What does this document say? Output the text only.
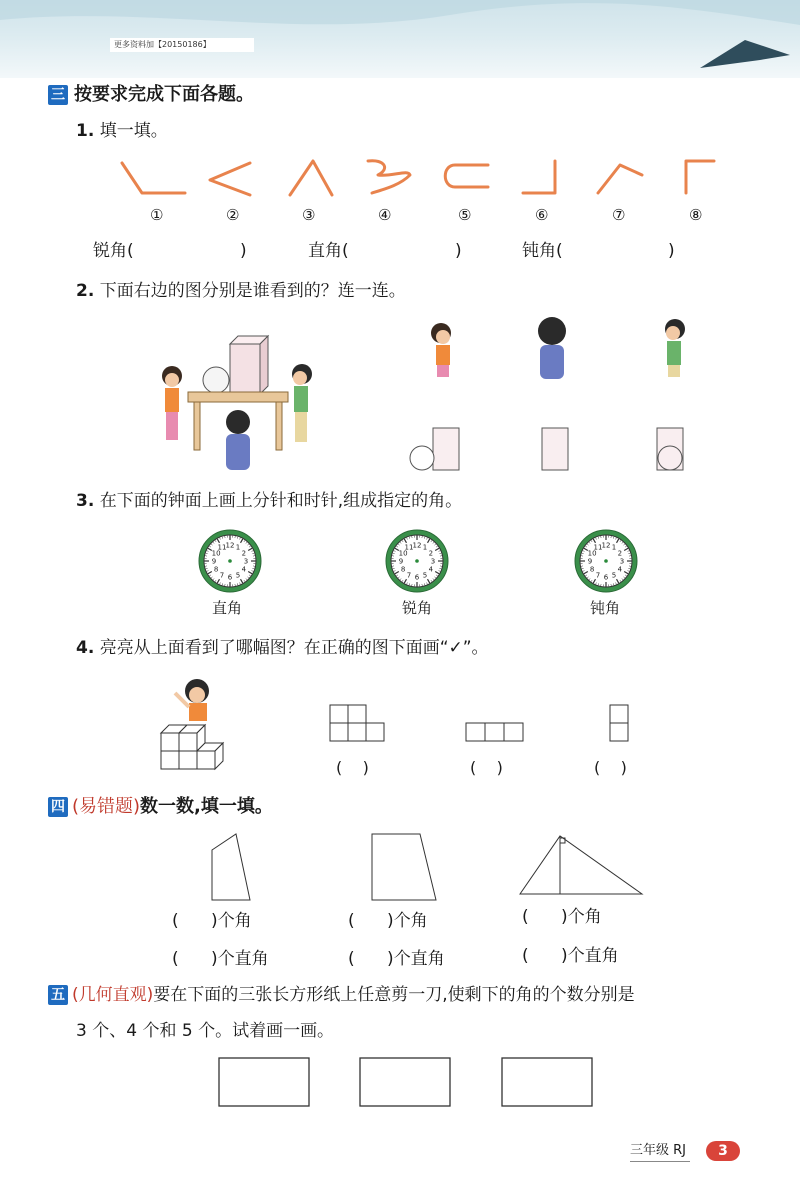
更多资料加【20150186】
三 按要求完成下面各题。
1. 填一填。
①	②	③	④	⑤	⑥	⑦	⑧
锐角(	)	直角(	)	钝角(	)
2. 下面右边的图分别是谁看到的？连一连。
3. 在下面的钟面上画上分针和时针,组成指定的角。
12 1
2
3
4
5
6
7
8
9
10
11	12 1
2
3
4
5
6
7
8
9
10
11	12 1
2
3
4
5
6
7
8
9
10
11
直角	锐角	钝角
4. 亮亮从上面看到了哪幅图？在正确的图下面画“✓”。
(    )	(    )	(    )
四 (易错题)数一数,填一填。
(      )个角	(      )个角	(      )个角
(      )个直角	(      )个直角	(      )个直角
五 (几何直观)要在下面的三张长方形纸上任意剪一刀,使剩下的角的个数分别是
3 个、4 个和 5 个。试着画一画。
三年级 RJ	3
